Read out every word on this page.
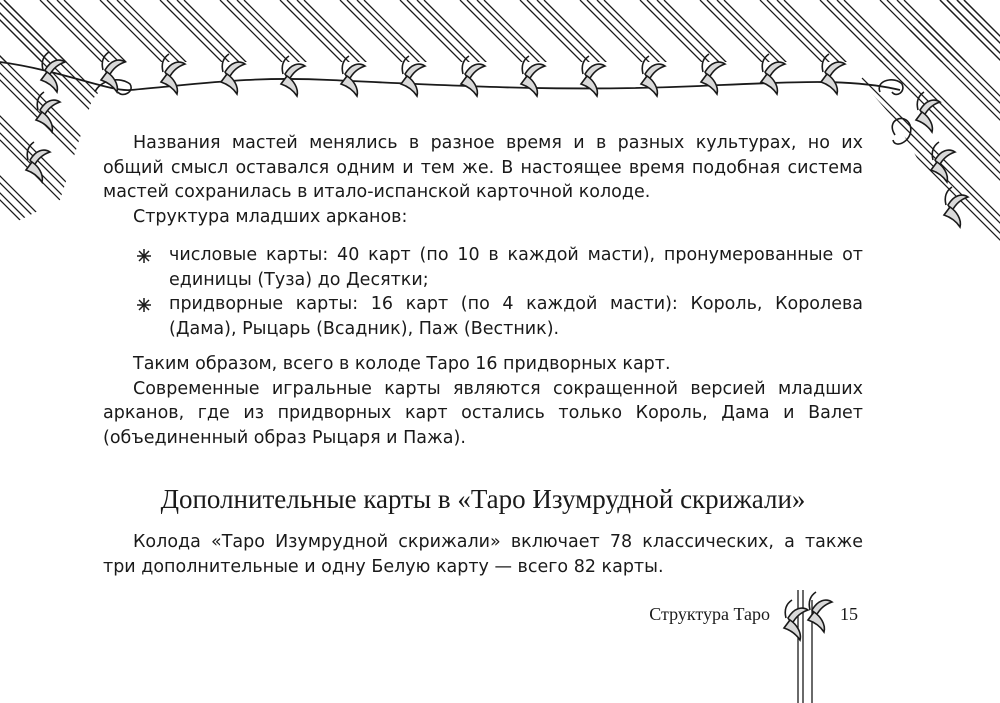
Названия мастей менялись в разное время и в разных культурах, но их общий смысл оставался одним и тем же. В настоящее время подобная система мастей сохранилась в итало-испанской карточной колоде.

Структура младших арканов:

числовые карты: 40 карт (по 10 в каждой масти), пронумерованные от единицы (Туза) до Десятки;
придворные карты: 16 карт (по 4 каждой масти): Король, Королева (Дама), Рыцарь (Всадник), Паж (Вестник).

Таким образом, всего в колоде Таро 16 придворных карт.

Современные игральные карты являются сокращенной версией младших арканов, где из придворных карт остались только Король, Дама и Валет (объединенный образ Рыцаря и Пажа).

Дополнительные карты в «Таро Изумрудной скрижали»

Колода «Таро Изумрудной скрижали» включает 78 классических, а также три дополнительные и одну Белую карту — всего 82 карты.

Структура Таро	15
